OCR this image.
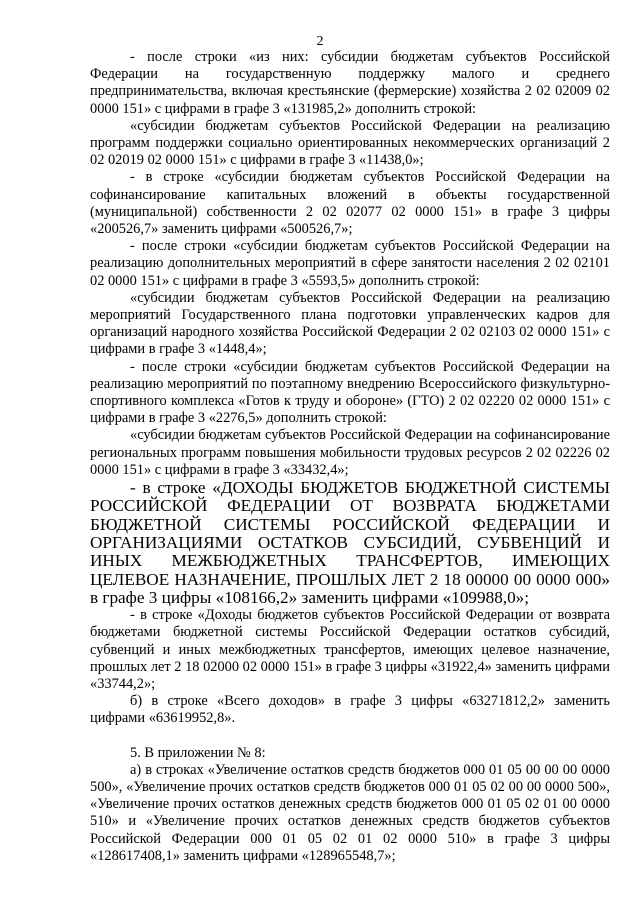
2

- после строки «из них: субсидии бюджетам субъектов Российской Федерации на государственную поддержку малого и среднего предпринимательства, включая крестьянские (фермерские) хозяйства 2 02 02009 02 0000 151» с цифрами в графе 3 «131985,2» дополнить строкой:

«субсидии бюджетам субъектов Российской Федерации на реализацию программ поддержки социально ориентированных некоммерческих организаций 2 02 02019 02 0000 151» с цифрами в графе 3 «11438,0»;

- в строке «субсидии бюджетам субъектов Российской Федерации на софинансирование капитальных вложений в объекты государственной (муниципальной) собственности 2 02 02077 02 0000 151» в графе 3 цифры «200526,7» заменить цифрами «500526,7»;

- после строки «субсидии бюджетам субъектов Российской Федерации на реализацию дополнительных мероприятий в сфере занятости населения 2 02 02101 02 0000 151» с цифрами в графе 3 «5593,5» дополнить строкой:

«субсидии бюджетам субъектов Российской Федерации на реализацию мероприятий Государственного плана подготовки управленческих кадров для организаций народного хозяйства Российской Федерации 2 02 02103 02 0000 151» с цифрами в графе 3 «1448,4»;

- после строки «субсидии бюджетам субъектов Российской Федерации на реализацию мероприятий по поэтапному внедрению Всероссийского физкультурно-спортивного комплекса «Готов к труду и обороне» (ГТО) 2 02 02220 02 0000 151» с цифрами в графе 3 «2276,5» дополнить строкой:

«субсидии бюджетам субъектов Российской Федерации на софинансирование региональных программ повышения мобильности трудовых ресурсов 2 02 02226 02 0000 151» с цифрами в графе 3 «33432,4»;

- в строке «ДОХОДЫ БЮДЖЕТОВ БЮДЖЕТНОЙ СИСТЕМЫ РОССИЙСКОЙ ФЕДЕРАЦИИ ОТ ВОЗВРАТА БЮДЖЕТАМИ БЮДЖЕТНОЙ СИСТЕМЫ РОССИЙСКОЙ ФЕДЕРАЦИИ И ОРГАНИЗАЦИЯМИ ОСТАТКОВ СУБСИДИЙ, СУБВЕНЦИЙ И ИНЫХ МЕЖБЮДЖЕТНЫХ ТРАНСФЕРТОВ, ИМЕЮЩИХ ЦЕЛЕВОЕ НАЗНАЧЕНИЕ, ПРОШЛЫХ ЛЕТ 2 18 00000 00 0000 000» в графе 3 цифры «108166,2» заменить цифрами «109988,0»;

- в строке «Доходы бюджетов субъектов Российской Федерации от возврата бюджетами бюджетной системы Российской Федерации остатков субсидий, субвенций и иных межбюджетных трансфертов, имеющих целевое назначение, прошлых лет 2 18 02000 02 0000 151» в графе 3 цифры «31922,4» заменить цифрами «33744,2»;

б) в строке «Всего доходов» в графе 3 цифры «63271812,2» заменить цифрами «63619952,8».

5. В приложении № 8:

а) в строках «Увеличение остатков средств бюджетов 000 01 05 00 00 00 0000 500», «Увеличение прочих остатков средств бюджетов 000 01 05 02 00 00 0000 500», «Увеличение прочих остатков денежных средств бюджетов 000 01 05 02 01 00 0000 510» и «Увеличение прочих остатков денежных средств бюджетов субъектов Российской Федерации 000 01 05 02 01 02 0000 510» в графе 3 цифры «128617408,1» заменить цифрами «128965548,7»;
